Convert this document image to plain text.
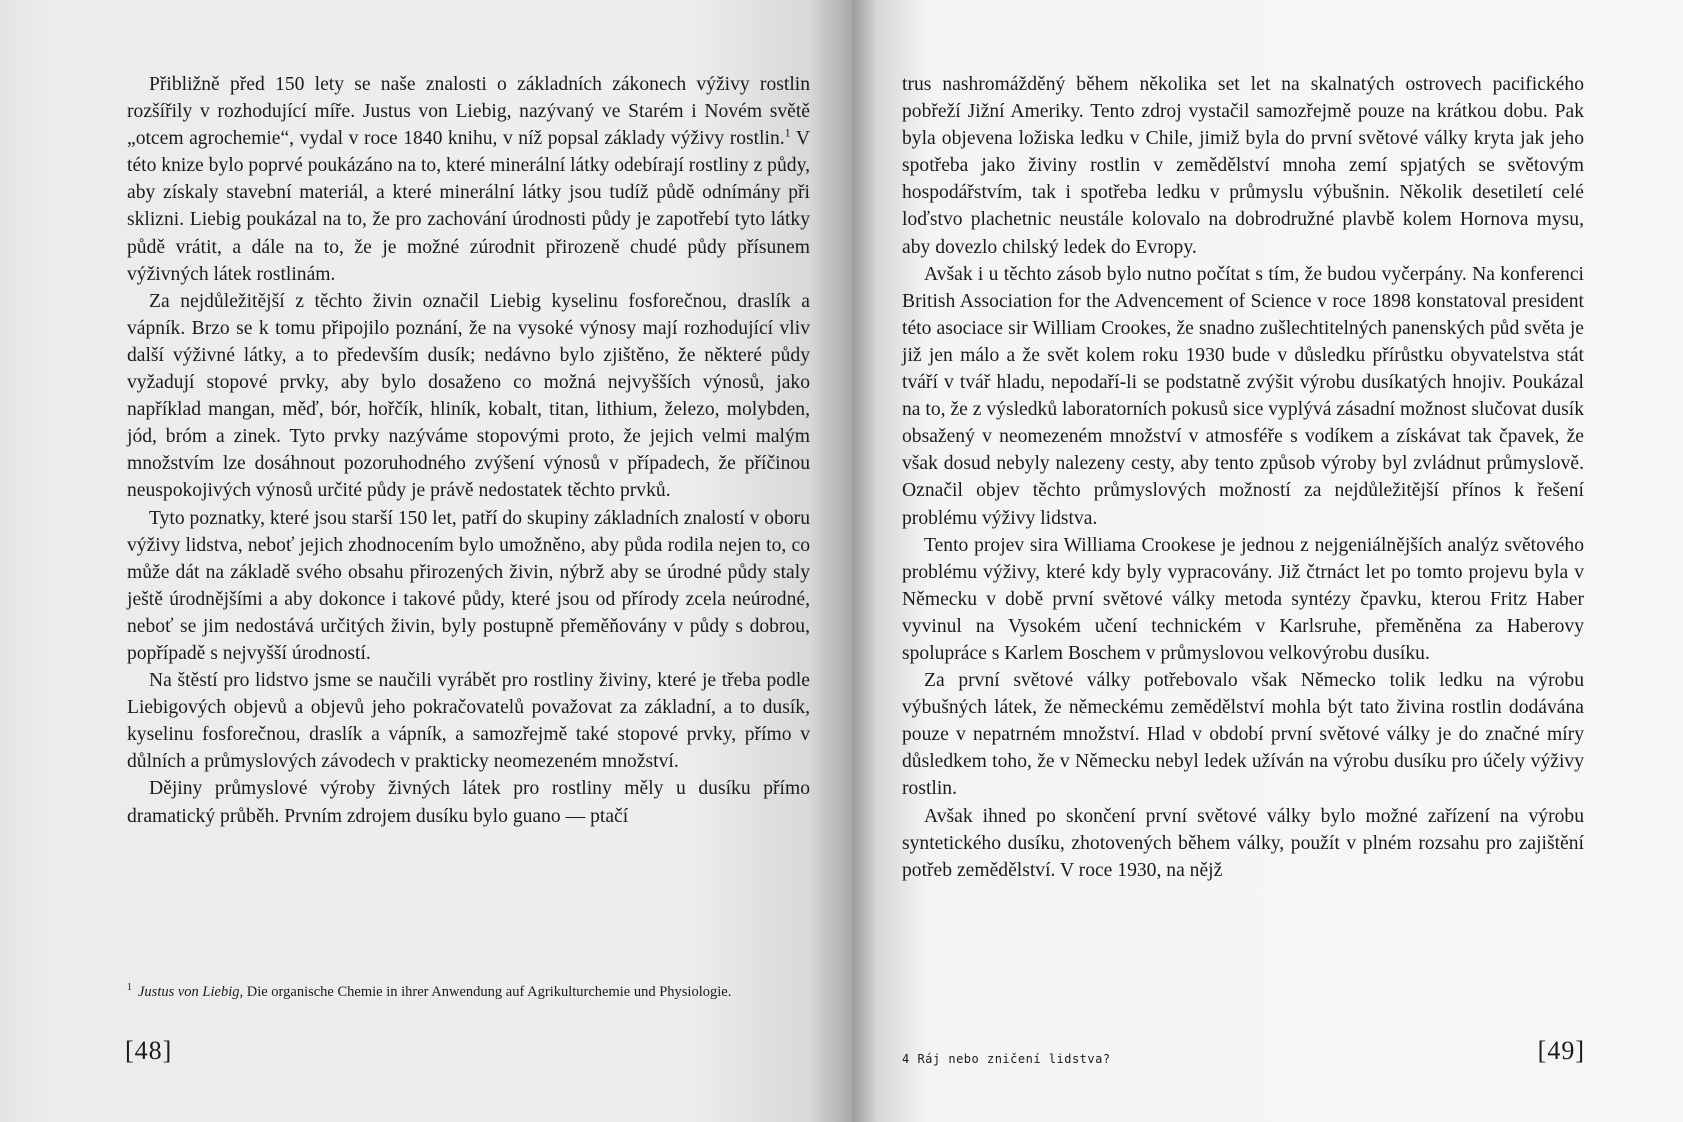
Přibližně před 150 lety se naše znalosti o základních zákonech výživy rostlin rozšířily v rozhodující míře. Justus von Liebig, nazývaný ve Starém i Novém světě „otcem agrochemie“, vydal v roce 1840 knihu, v níž popsal základy výživy rostlin.$^1$ V této knize bylo poprvé poukázáno na to, které minerální látky odebírají rostliny z půdy, aby získaly stavební materiál, a které minerální látky jsou tudíž půdě odnímány při sklizni. Liebig poukázal na to, že pro zachování úrodnosti půdy je zapotřebí tyto látky půdě vrátit, a dále na to, že je možné zúrodnit přirozeně chudé půdy přísunem výživných látek rostlinám.

Za nejdůležitější z těchto živin označil Liebig kyselinu fosforečnou, draslík a vápník. Brzo se k tomu připojilo poznání, že na vysoké výnosy mají rozhodující vliv další výživné látky, a to především dusík; nedávno bylo zjištěno, že některé půdy vyžadují stopové prvky, aby bylo dosaženo co možná nejvyšších výnosů, jako například mangan, měď, bór, hořčík, hliník, kobalt, titan, lithium, železo, molybden, jód, bróm a zinek. Tyto prvky nazýváme stopovými proto, že jejich velmi malým množstvím lze dosáhnout pozoruhodného zvýšení výnosů v případech, že příčinou neuspokojivých výnosů určité půdy je právě nedostatek těchto prvků.

Tyto poznatky, které jsou starší 150 let, patří do skupiny základních znalostí v oboru výživy lidstva, neboť jejich zhodnocením bylo umožněno, aby půda rodila nejen to, co může dát na základě svého obsahu přirozených živin, nýbrž aby se úrodné půdy staly ještě úrodnějšími a aby dokonce i takové půdy, které jsou od přírody zcela neúrodné, neboť se jim nedostává určitých živin, byly postupně přeměňovány v půdy s dobrou, popřípadě s nejvyšší úrodností.

Na štěstí pro lidstvo jsme se naučili vyrábět pro rostliny živiny, které je třeba podle Liebigových objevů a objevů jeho pokračovatelů považovat za základní, a to dusík, kyselinu fosforečnou, draslík a vápník, a samozřejmě také stopové prvky, přímo v důlních a průmyslových závodech v prakticky neomezeném množství.

Dějiny průmyslové výroby živných látek pro rostliny měly u dusíku přímo dramatický průběh. Prvním zdrojem dusíku bylo guano — ptačí

$^1$ Justus von Liebig, Die organische Chemie in ihrer Anwendung auf Agrikulturchemie und Physiologie.
[48]

trus nashromážděný během několika set let na skalnatých ostrovech pacifického pobřeží Jižní Ameriky. Tento zdroj vystačil samozřejmě pouze na krátkou dobu. Pak byla objevena ložiska ledku v Chile, jimiž byla do první světové války kryta jak jeho spotřeba jako živiny rostlin v zemědělství mnoha zemí spjatých se světovým hospodářstvím, tak i spotřeba ledku v průmyslu výbušnin. Několik desetiletí celé loďstvo plachetnic neustále kolovalo na dobrodružné plavbě kolem Hornova mysu, aby dovezlo chilský ledek do Evropy.

Avšak i u těchto zásob bylo nutno počítat s tím, že budou vyčerpány. Na konferenci British Association for the Advencement of Science v roce 1898 konstatoval president této asociace sir William Crookes, že snadno zušlechtitelných panenských půd světa je již jen málo a že svět kolem roku 1930 bude v důsledku přírůstku obyvatelstva stát tváří v tvář hladu, nepodaří-li se podstatně zvýšit výrobu dusíkatých hnojiv. Poukázal na to, že z výsledků laboratorních pokusů sice vyplývá zásadní možnost slučovat dusík obsažený v neomezeném množství v atmosféře s vodíkem a získávat tak čpavek, že však dosud nebyly nalezeny cesty, aby tento způsob výroby byl zvládnut průmyslově. Označil objev těchto průmyslových možností za nejdůležitější přínos k řešení problému výživy lidstva.

Tento projev sira Williama Crookese je jednou z nejgeniálnějších analýz světového problému výživy, které kdy byly vypracovány. Již čtrnáct let po tomto projevu byla v Německu v době první světové války metoda syntézy čpavku, kterou Fritz Haber vyvinul na Vysokém učení technickém v Karlsruhe, přeměněna za Haberovy spolupráce s Karlem Boschem v průmyslovou velkovýrobu dusíku.

Za první světové války potřebovalo však Německo tolik ledku na výrobu výbušných látek, že německému zemědělství mohla být tato živina rostlin dodávána pouze v nepatrném množství. Hlad v období první světové války je do značné míry důsledkem toho, že v Německu nebyl ledek užíván na výrobu dusíku pro účely výživy rostlin.

Avšak ihned po skončení první světové války bylo možné zařízení na výrobu syntetického dusíku, zhotovených během války, použít v plném rozsahu pro zajištění potřeb zemědělství. V roce 1930, na nějž

4 Ráj nebo zničení lidstva?	[49]
